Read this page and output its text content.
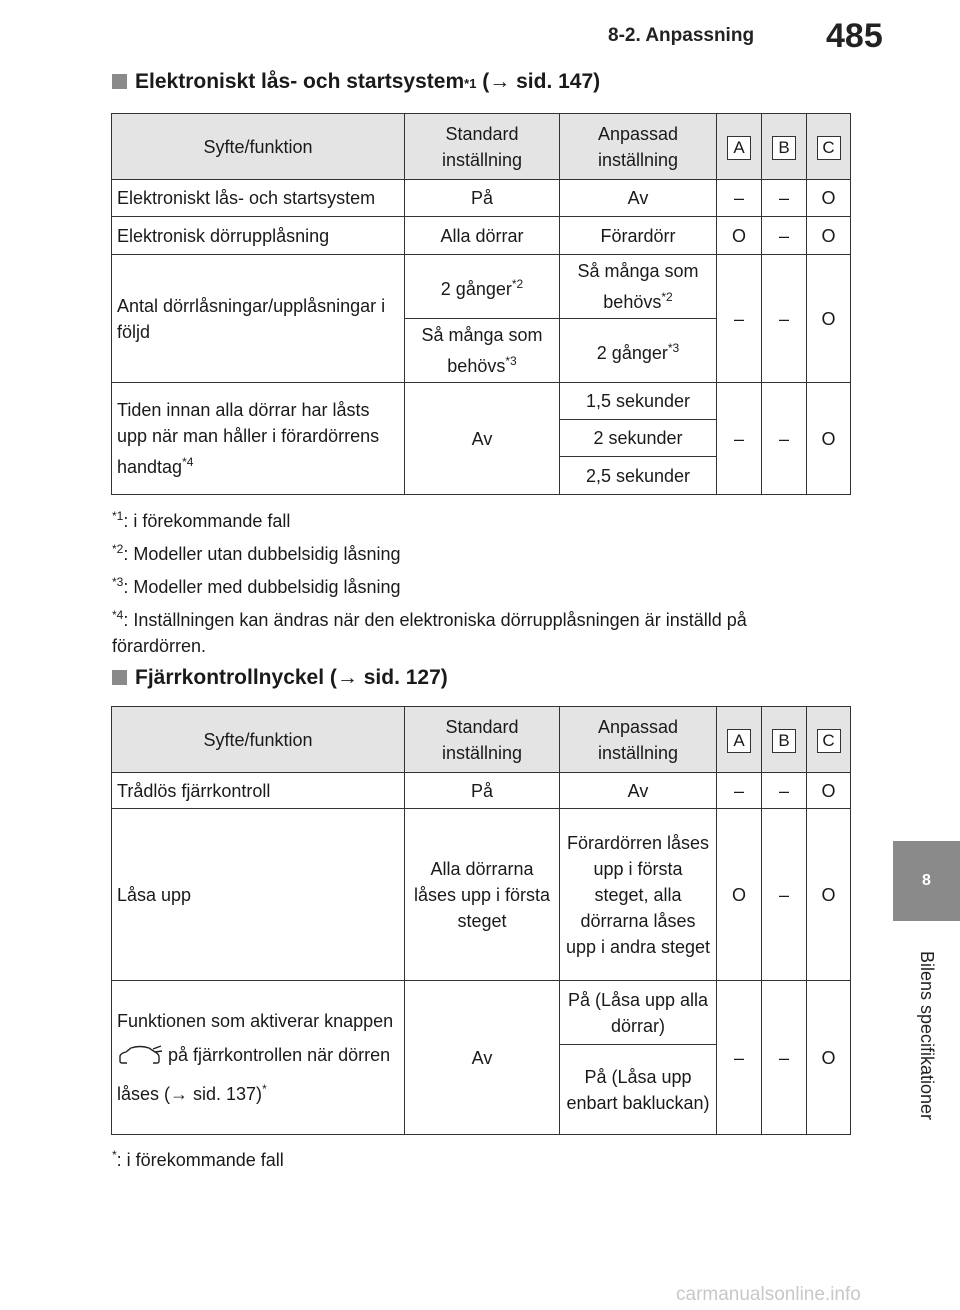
8-2. Anpassning 485
8
Bilens specifikationer
Elektroniskt lås- och startsystem *1
(→ sid. 147)
Syfte/funktion	Standard inställning	Anpassad inställning	A	B	C
Elektroniskt lås- och startsystem	På	Av	–	–	O
Elektronisk dörrupplåsning	Alla dörrar	Förardörr	O	–	O
Antal dörrlåsningar/upplåsningar i följd	2 gånger$^{*2}$	Så många som behövs$^{*2}$	–	–	O
	Så många som behövs$^{*3}$	2 gånger$^{*3}$
Tiden innan alla dörrar har låsts upp när man håller i förardörrens handtag$^{*4}$	Av	1,5 sekunder	–	–	O
		2 sekunder			
		2,5 sekunder			
$^{*1}$: i förekommande fall
$^{*2}$: Modeller utan dubbelsidig låsning
$^{*3}$: Modeller med dubbelsidig låsning
$^{*4}$: Inställningen kan ändras när den elektroniska dörrupplåsningen är inställd på förardörren.
Fjärrkontrollnyckel
(→ sid. 127)
Syfte/funktion	Standard inställning	Anpassad inställning	A	B	C
Trådlös fjärrkontroll	På	Av	–	–	O
Låsa upp	Alla dörrarna låses upp i första steget	Förardörren låses upp i första steget, alla dörrarna låses upp i andra steget	O	–	O
Funktionen som aktiverar knappen  på fjärrkontrollen när dörren låses (→ sid. 137)*	Av	På (Låsa upp alla dörrar)	–	–	O
		På (Låsa upp enbart bakluckan)			
*: i förekommande fall
carmanualsonline.info
